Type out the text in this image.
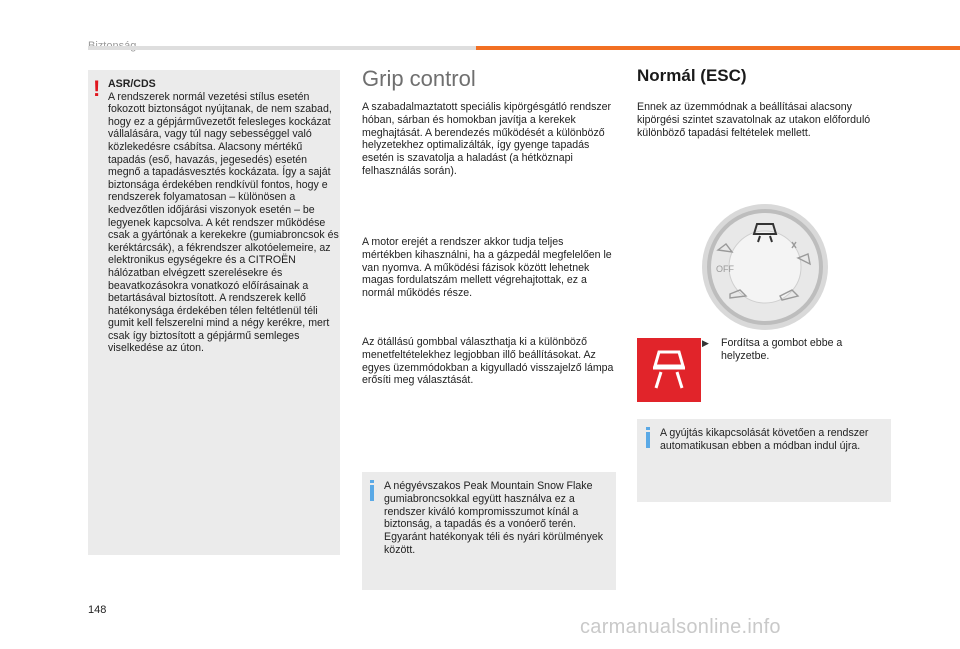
! ASR/CDS
A rendszerek normál vezetési stílus esetén fokozott biztonságot nyújtanak, de nem szabad, hogy ez a gépjárművezetőt felesleges kockázat vállalására, vagy túl nagy sebességgel való közlekedésre csábítsa. Alacsony mértékű tapadás (eső, havazás, jegesedés) esetén megnő a tapadásvesztés kockázata. Így a saját biztonsága érdekében rendkívül fontos, hogy e rendszerek folyamatosan – különösen a kedvezőtlen időjárási viszonyok esetén – be legyenek kapcsolva. A két rendszer működése csak a gyártónak a kerekekre (gumiabroncsok és keréktárcsák), a fékrendszer alkotóelemeire, az elektronikus egységekre és a CITROËN hálózatban elvégzett szerelésekre és beavatkozásokra vonatkozó előírásainak a betartásával biztosított. A rendszerek kellő hatékonysága érdekében télen feltétlenül téli gumit kell felszerelni mind a négy kerékre, mert csak így biztosított a gépjármű semleges viselkedése az úton.
Grip control
A szabadalmaztatott speciális kipörgésgátló rendszer hóban, sárban és homokban javítja a kerekek meghajtását. A berendezés működését a különböző helyzetekhez optimalizálták, így gyenge tapadás esetén is szavatolja a haladást (a hétköznapi felhasználás során).
A motor erejét a rendszer akkor tudja teljes mértékben kihasználni, ha a gázpedál megfelelően le van nyomva. A működési fázisok között lehetnek magas fordulatszám mellett végrehajtottak, ez a normál működés része.
Az ötállású gombbal választhatja ki a különböző menetfeltételekhez legjobban illő beállításokat. Az egyes üzemmódokban a kigyulladó visszajelző lámpa erősíti meg választását.
A négyévszakos Peak Mountain Snow Flake gumiabroncsokkal együtt használva ez a rendszer kiváló kompromisszumot kínál a biztonság, a tapadás és a vonóerő terén. Egyaránt hatékonyak téli és nyári körülmények között.
Normál (ESC)
Ennek az üzemmódnak a beállításai alacsony kipörgési szintet szavatolnak az utakon előforduló különböző tapadási feltételek mellett.
OFF
▶ Fordítsa a gombot ebbe a helyzetbe.
A gyújtás kikapcsolását követően a rendszer automatikusan ebben a módban indul újra.
148
carmanualsonline.info
